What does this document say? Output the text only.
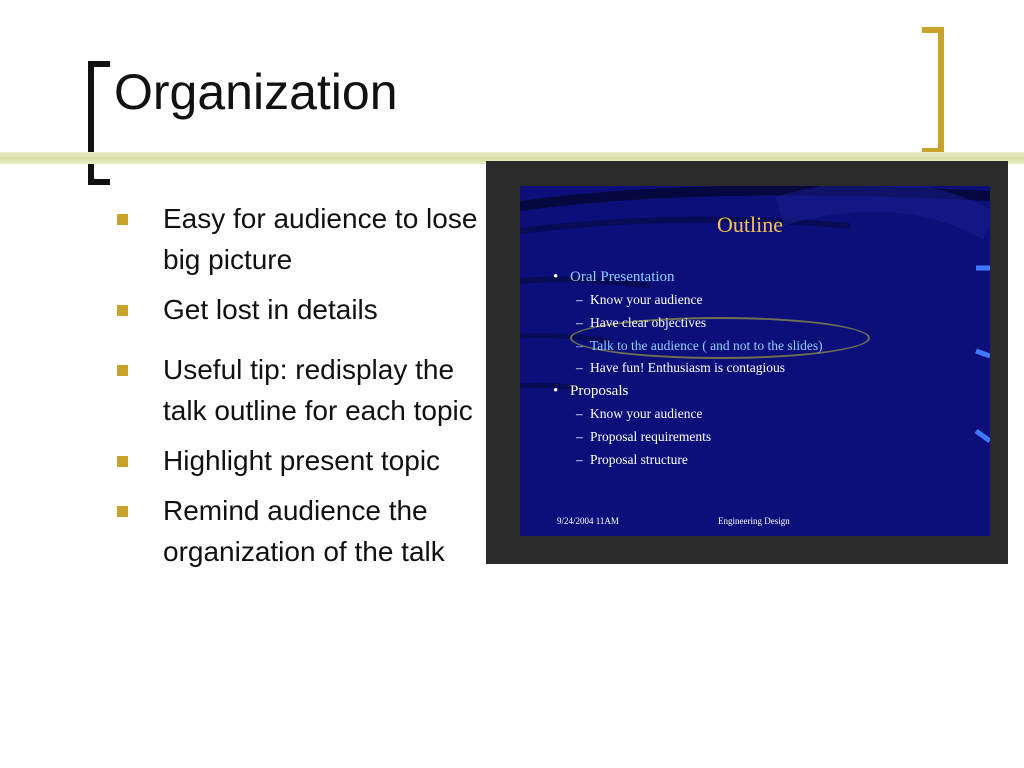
Organization
Easy for audience to lose big picture
Get lost in details
Useful tip: redisplay the talk outline for each topic
Highlight present topic
Remind audience the organization of the talk
Outline
• Oral Presentation
– Know your audience
– Have clear objectives
– Talk to the audience ( and not to the slides)
– Have fun! Enthusiasm is contagious
• Proposals
– Know your audience
– Proposal requirements
– Proposal structure
9/24/2004 11AM	Engineering Design
